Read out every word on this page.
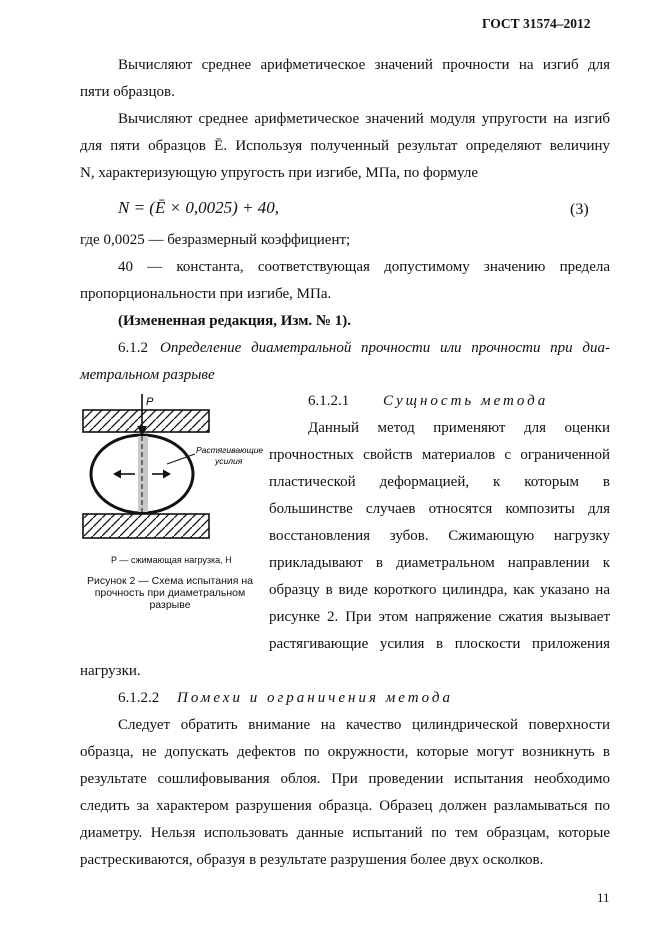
ГОСТ 31574–2012
Вычисляют среднее арифметическое значений прочности на изгиб для
пяти образцов.
Вычисляют среднее арифметическое значений модуля упругости на изгиб
для пяти образцов Ē. Используя полученный результат определяют величину
N, характеризующую упругость при изгибе, МПа, по формуле
N = (Ē × 0,0025) + 40,	(3)
где 0,0025 — безразмерный коэффициент;
40 — константа, соответствующая допустимому значению предела
пропорциональности при изгибе, МПа.
(Измененная редакция, Изм. № 1).
6.1.2 Определение диаметральной прочности или прочности при диа-
метральном разрыве
6.1.2.1 Сущность метода
Данный метод применяют для оценки
прочностных свойств материалов с ограниченной
пластической деформацией, к которым в
большинстве случаев относятся композиты для
восстановления зубов. Сжимающую нагрузку
прикладывают в диаметральном направлении к
образцу в виде короткого цилиндра, как указано на
рисунке 2. При этом напряжение сжатия вызывает
растягивающие усилия в плоскости приложения
нагрузки.
P
Растягивающие
усилия
P — сжимающая нагрузка, Н
Рисунок 2 — Схема испытания на
прочность при диаметральном
разрыве
6.1.2.2 Помехи и ограничения метода
Следует обратить внимание на качество цилиндрической поверхности
образца, не допускать дефектов по окружности, которые могут возникнуть в
результате сошлифовывания облоя. При проведении испытания необходимо
следить за характером разрушения образца. Образец должен разламываться по
диаметру. Нельзя использовать данные испытаний по тем образцам, которые
растрескиваются, образуя в результате разрушения более двух осколков.
11
